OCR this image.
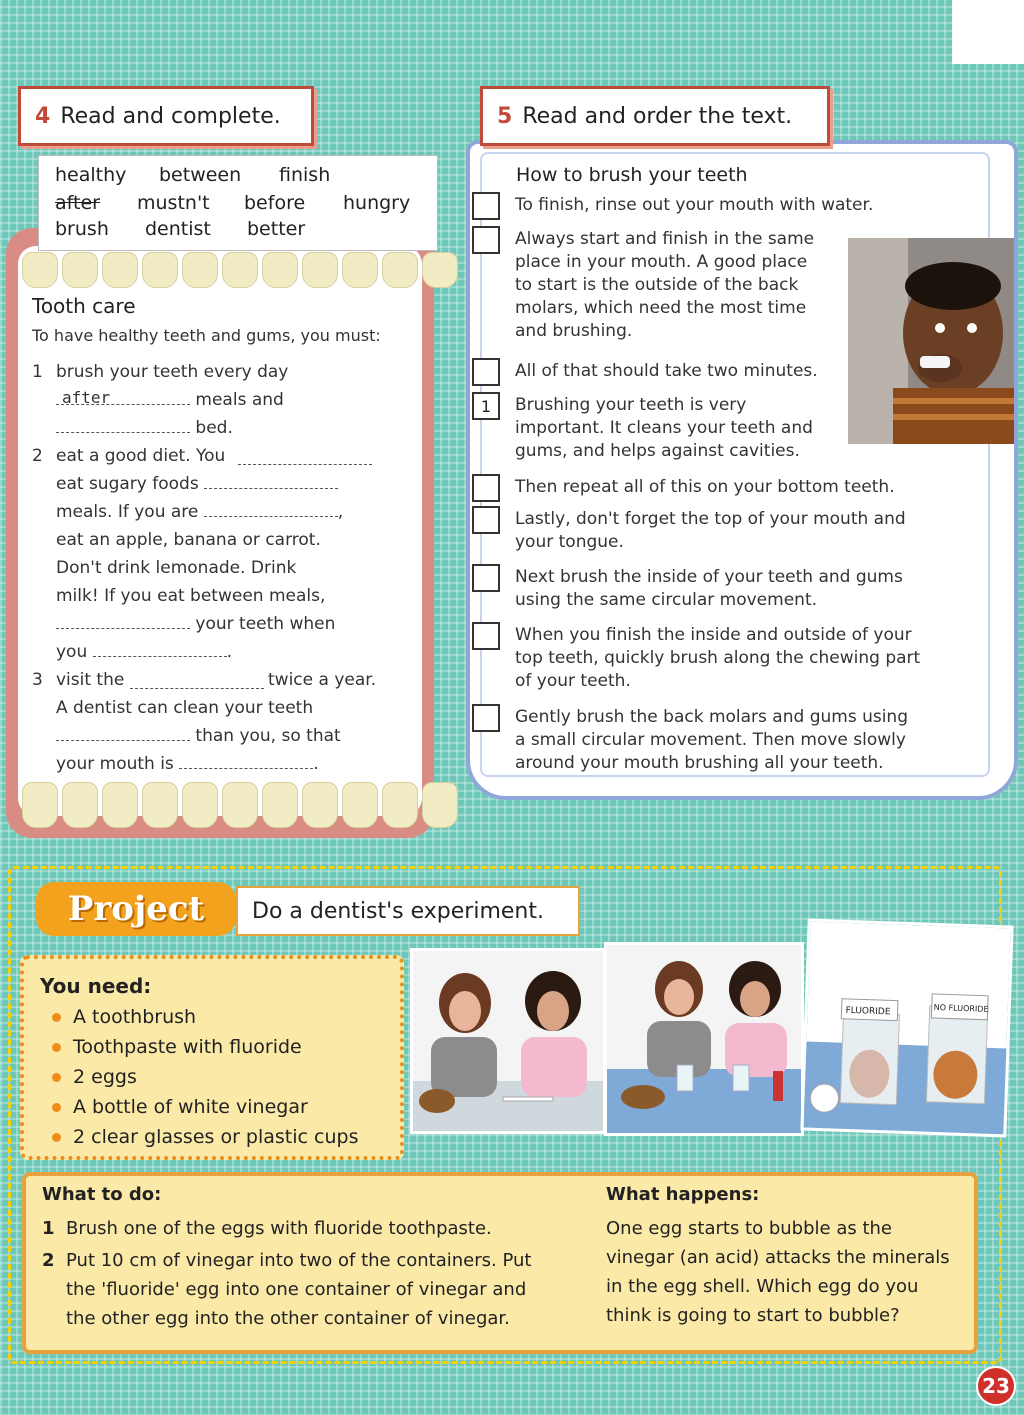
4 Read and complete.
healthy between finish
after mustn't before hungry
brush dentist better
Tooth care
To have healthy teeth and gums, you must:
1 brush your teeth every day
after	meals and
bed.
2 eat a good diet. You
eat sugary foods
meals. If you are	,
eat an apple, banana or carrot.
Don't drink lemonade. Drink
milk! If you eat between meals,
your teeth when
you	.
3 visit the	twice a year.
A dentist can clean your teeth
than you, so that
your mouth is	.
5 Read and order the text.
How to brush your teeth
To finish, rinse out your mouth with water.
Always start and finish in the same
place in your mouth. A good place
to start is the outside of the back
molars, which need the most time
and brushing.
All of that should take two minutes.
1	Brushing your teeth is very
important. It cleans your teeth and
gums, and helps against cavities.
Then repeat all of this on your bottom teeth.
Lastly, don't forget the top of your mouth and
your tongue.
Next brush the inside of your teeth and gums
using the same circular movement.
When you finish the inside and outside of your
top teeth, quickly brush along the chewing part
of your teeth.
Gently brush the back molars and gums using
a small circular movement. Then move slowly
around your mouth brushing all your teeth.
Project	Do a dentist's experiment.
You need:
A toothbrush
Toothpaste with fluoride
2 eggs
A bottle of white vinegar
2 clear glasses or plastic cups
FLUORIDE	NO FLUORIDE
What to do:
1 Brush one of the eggs with fluoride toothpaste.
2 Put 10 cm of vinegar into two of the containers. Put
the 'fluoride' egg into one container of vinegar and
the other egg into the other container of vinegar.
What happens:
One egg starts to bubble as the
vinegar (an acid) attacks the minerals
in the egg shell. Which egg do you
think is going to start to bubble?
23
